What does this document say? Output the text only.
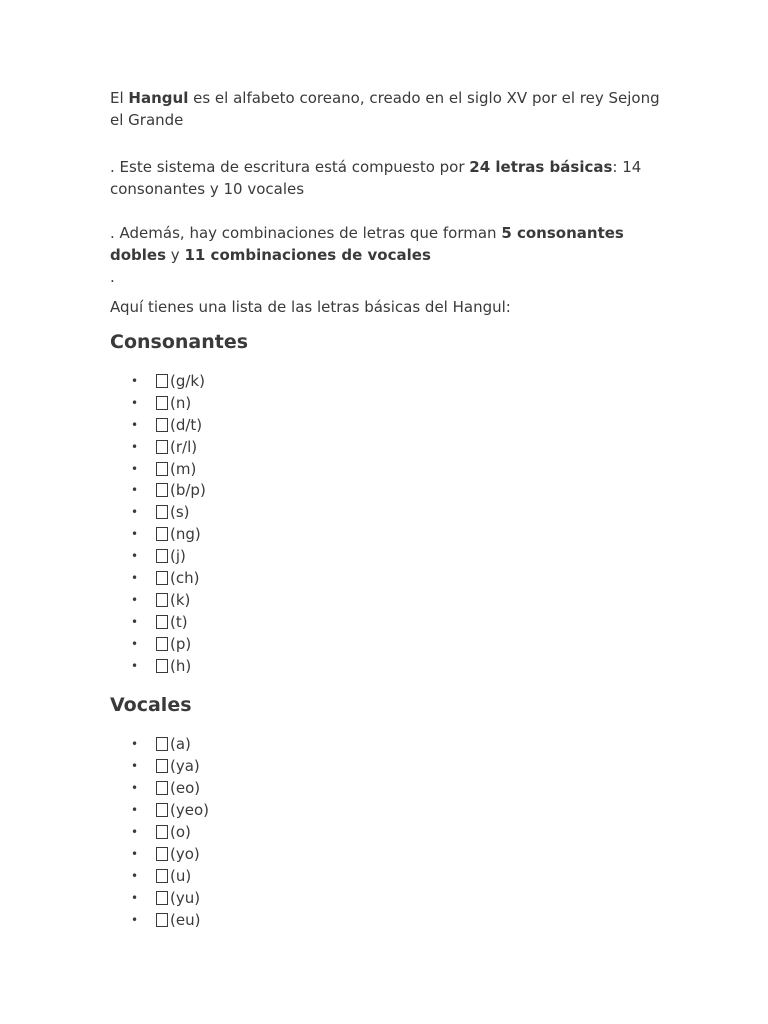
El Hangul es el alfabeto coreano, creado en el siglo XV por el rey Sejong el Grande

. Este sistema de escritura está compuesto por 24 letras básicas: 14 consonantes y 10 vocales

. Además, hay combinaciones de letras que forman 5 consonantes dobles y 11 combinaciones de vocales
.

Aquí tienes una lista de las letras básicas del Hangul:

Consonantes
• (g/k)
• (n)
• (d/t)
• (r/l)
• (m)
• (b/p)
• (s)
• (ng)
• (j)
• (ch)
• (k)
• (t)
• (p)
• (h)
Vocales
• (a)
• (ya)
• (eo)
• (yeo)
• (o)
• (yo)
• (u)
• (yu)
• (eu)
